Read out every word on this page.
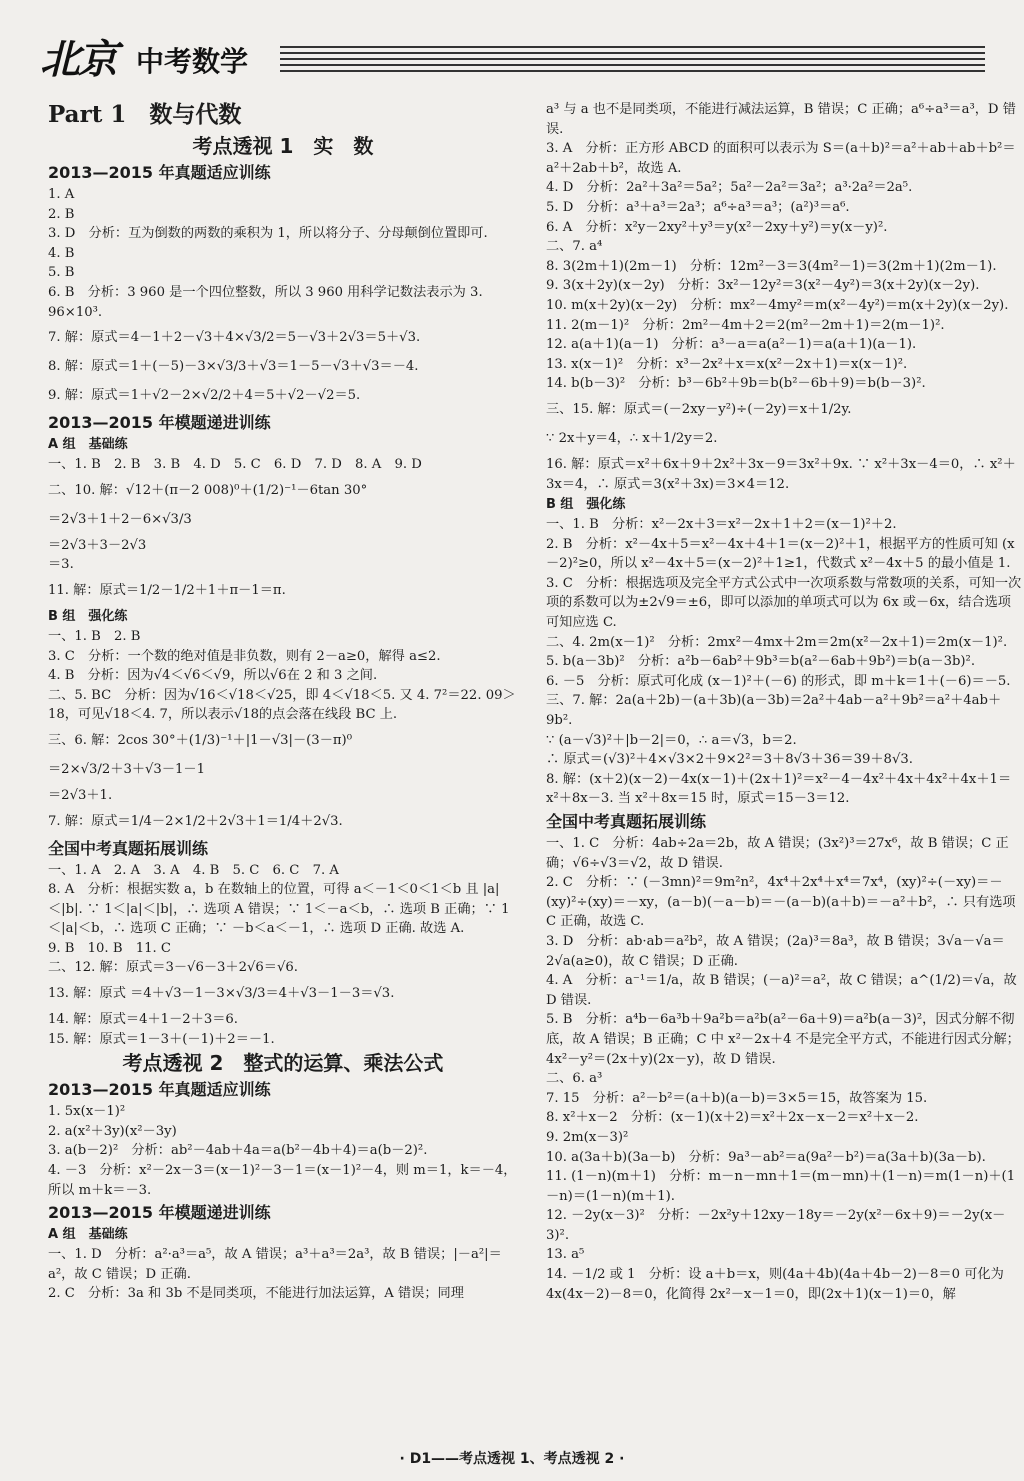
北京 中考数学
Part 1　数与代数
考点透视 1　实　数
2013—2015 年真题适应训练
1. A
2. B
3. D　分析：互为倒数的两数的乘积为 1，所以将分子、分母颠倒位置即可.
4. B
5. B
6. B　分析：3 960 是一个四位整数，所以 3 960 用科学记数法表示为 3. 96×10³.
7. 解：原式＝4－1＋2－√3＋4×√3/2＝5－√3＋2√3＝5＋√3.
8. 解：原式＝1＋(－5)－3×√3/3＋√3＝1－5－√3＋√3＝－4.
9. 解：原式＝1＋√2－2×√2/2＋4＝5＋√2－√2＝5.
2013—2015 年模题递进训练
A 组　基础练
一、1. B　2. B　3. B　4. D　5. C　6. D　7. D　8. A　9. D
二、10. 解：√12＋(π－2 008)⁰＋(1/2)⁻¹－6tan 30°
＝2√3＋1＋2－6×√3/3
＝2√3＋3－2√3
＝3.
11. 解：原式＝1/2－1/2＋1＋π－1＝π.
B 组　强化练
一、1. B　2. B
3. C　分析：一个数的绝对值是非负数，则有 2－a≥0，解得 a≤2.
4. B　分析：因为√4＜√6＜√9，所以√6在 2 和 3 之间.
二、5. BC　分析：因为√16＜√18＜√25，即 4＜√18＜5. 又 4. 7²＝22. 09＞18，可见√18＜4. 7，所以表示√18的点会落在线段 BC 上.
三、6. 解：2cos 30°＋(1/3)⁻¹＋|1－√3|－(3－π)⁰
＝2×√3/2＋3＋√3－1－1
＝2√3＋1.
7. 解：原式＝1/4－2×1/2＋2√3＋1＝1/4＋2√3.
全国中考真题拓展训练
一、1. A　2. A　3. A　4. B　5. C　6. C　7. A
8. A　分析：根据实数 a，b 在数轴上的位置，可得 a＜－1＜0＜1＜b 且 |a|＜|b|. ∵ 1＜|a|＜|b|，∴ 选项 A 错误；∵ 1＜－a＜b，∴ 选项 B 正确；∵ 1＜|a|＜b，∴ 选项 C 正确；∵ －b＜a＜－1，∴ 选项 D 正确. 故选 A.
9. B　10. B　11. C
二、12. 解：原式＝3－√6－3＋2√6＝√6.
13. 解：原式 ＝4＋√3－1－3×√3/3＝4＋√3－1－3＝√3.
14. 解：原式＝4＋1－2＋3＝6.
15. 解：原式＝1－3＋(－1)＋2＝－1.
考点透视 2　整式的运算、乘法公式
2013—2015 年真题适应训练
1. 5x(x－1)²
2. a(x²＋3y)(x²－3y)
3. a(b－2)²　分析：ab²－4ab＋4a＝a(b²－4b＋4)＝a(b－2)².
4. －3　分析：x²－2x－3＝(x－1)²－3－1＝(x－1)²－4，则 m＝1，k＝－4，所以 m＋k＝－3.
2013—2015 年模题递进训练
A 组　基础练
一、1. D　分析：a²·a³＝a⁵，故 A 错误；a³＋a³＝2a³，故 B 错误；|－a²|＝a²，故 C 错误；D 正确.
2. C　分析：3a 和 3b 不是同类项，不能进行加法运算，A 错误；同理
a³ 与 a 也不是同类项，不能进行减法运算，B 错误；C 正确；a⁶÷a³＝a³，D 错误.
3. A　分析：正方形 ABCD 的面积可以表示为 S＝(a＋b)²＝a²＋ab＋ab＋b²＝a²＋2ab＋b²，故选 A.
4. D　分析：2a²＋3a²＝5a²；5a²－2a²＝3a²；a³·2a²＝2a⁵.
5. D　分析：a³＋a³＝2a³；a⁶÷a³＝a³；(a²)³＝a⁶.
6. A　分析：x²y－2xy²＋y³＝y(x²－2xy＋y²)＝y(x－y)².
二、7. a⁴
8. 3(2m＋1)(2m－1)　分析：12m²－3＝3(4m²－1)＝3(2m＋1)(2m－1).
9. 3(x＋2y)(x－2y)　分析：3x²－12y²＝3(x²－4y²)＝3(x＋2y)(x－2y).
10. m(x＋2y)(x－2y)　分析：mx²－4my²＝m(x²－4y²)＝m(x＋2y)(x－2y).
11. 2(m－1)²　分析：2m²－4m＋2＝2(m²－2m＋1)＝2(m－1)².
12. a(a＋1)(a－1)　分析：a³－a＝a(a²－1)＝a(a＋1)(a－1).
13. x(x－1)²　分析：x³－2x²＋x＝x(x²－2x＋1)＝x(x－1)².
14. b(b－3)²　分析：b³－6b²＋9b＝b(b²－6b＋9)＝b(b－3)².
三、15. 解：原式＝(－2xy－y²)÷(－2y)＝x＋1/2y.
∵ 2x＋y＝4，∴ x＋1/2y＝2.
16. 解：原式＝x²＋6x＋9＋2x²＋3x－9＝3x²＋9x. ∵ x²＋3x－4＝0，∴ x²＋3x＝4，∴ 原式＝3(x²＋3x)＝3×4＝12.
B 组　强化练
一、1. B　分析：x²－2x＋3＝x²－2x＋1＋2＝(x－1)²＋2.
2. B　分析：x²－4x＋5＝x²－4x＋4＋1＝(x－2)²＋1，根据平方的性质可知 (x－2)²≥0，所以 x²－4x＋5＝(x－2)²＋1≥1，代数式 x²－4x＋5 的最小值是 1.
3. C　分析：根据选项及完全平方式公式中一次项系数与常数项的关系，可知一次项的系数可以为±2√9＝±6，即可以添加的单项式可以为 6x 或－6x，结合选项可知应选 C.
二、4. 2m(x－1)²　分析：2mx²－4mx＋2m＝2m(x²－2x＋1)＝2m(x－1)².
5. b(a－3b)²　分析：a²b－6ab²＋9b³＝b(a²－6ab＋9b²)＝b(a－3b)².
6. －5　分析：原式可化成 (x－1)²＋(－6) 的形式，即 m＋k＝1＋(－6)＝－5.
三、7. 解：2a(a＋2b)－(a＋3b)(a－3b)＝2a²＋4ab－a²＋9b²＝a²＋4ab＋9b².
∵ (a－√3)²＋|b－2|＝0，∴ a＝√3，b＝2.
∴ 原式＝(√3)²＋4×√3×2＋9×2²＝3＋8√3＋36＝39＋8√3.
8. 解：(x＋2)(x－2)－4x(x－1)＋(2x＋1)²＝x²－4－4x²＋4x＋4x²＋4x＋1＝x²＋8x－3. 当 x²＋8x＝15 时，原式＝15－3＝12.
全国中考真题拓展训练
一、1. C　分析：4ab÷2a＝2b，故 A 错误；(3x²)³＝27x⁶，故 B 错误；C 正确；√6÷√3＝√2，故 D 错误.
2. C　分析：∵ (－3mn)²＝9m²n²，4x⁴＋2x⁴＋x⁴＝7x⁴，(xy)²÷(－xy)＝－(xy)²÷(xy)＝－xy，(a－b)(－a－b)＝－(a－b)(a＋b)＝－a²＋b²，∴ 只有选项 C 正确，故选 C.
3. D　分析：ab·ab＝a²b²，故 A 错误；(2a)³＝8a³，故 B 错误；3√a－√a＝2√a(a≥0)，故 C 错误；D 正确.
4. A　分析：a⁻¹＝1/a，故 B 错误；(－a)²＝a²，故 C 错误；a^(1/2)＝√a，故 D 错误.
5. B　分析：a⁴b－6a³b＋9a²b＝a²b(a²－6a＋9)＝a²b(a－3)²，因式分解不彻底，故 A 错误；B 正确；C 中 x²－2x＋4 不是完全平方式，不能进行因式分解；4x²－y²＝(2x＋y)(2x－y)，故 D 错误.
二、6. a³
7. 15　分析：a²－b²＝(a＋b)(a－b)＝3×5＝15，故答案为 15.
8. x²＋x－2　分析：(x－1)(x＋2)＝x²＋2x－x－2＝x²＋x－2.
9. 2m(x－3)²
10. a(3a＋b)(3a－b)　分析：9a³－ab²＝a(9a²－b²)＝a(3a＋b)(3a－b).
11. (1－n)(m＋1)　分析：m－n－mn＋1＝(m－mn)＋(1－n)＝m(1－n)＋(1－n)＝(1－n)(m＋1).
12. －2y(x－3)²　分析：－2x²y＋12xy－18y＝－2y(x²－6x＋9)＝－2y(x－3)².
13. a⁵
14. －1/2 或 1　分析：设 a＋b＝x，则(4a＋4b)(4a＋4b－2)－8＝0 可化为 4x(4x－2)－8＝0，化简得 2x²－x－1＝0，即(2x＋1)(x－1)＝0，解
· D1——考点透视 1、考点透视 2 ·
